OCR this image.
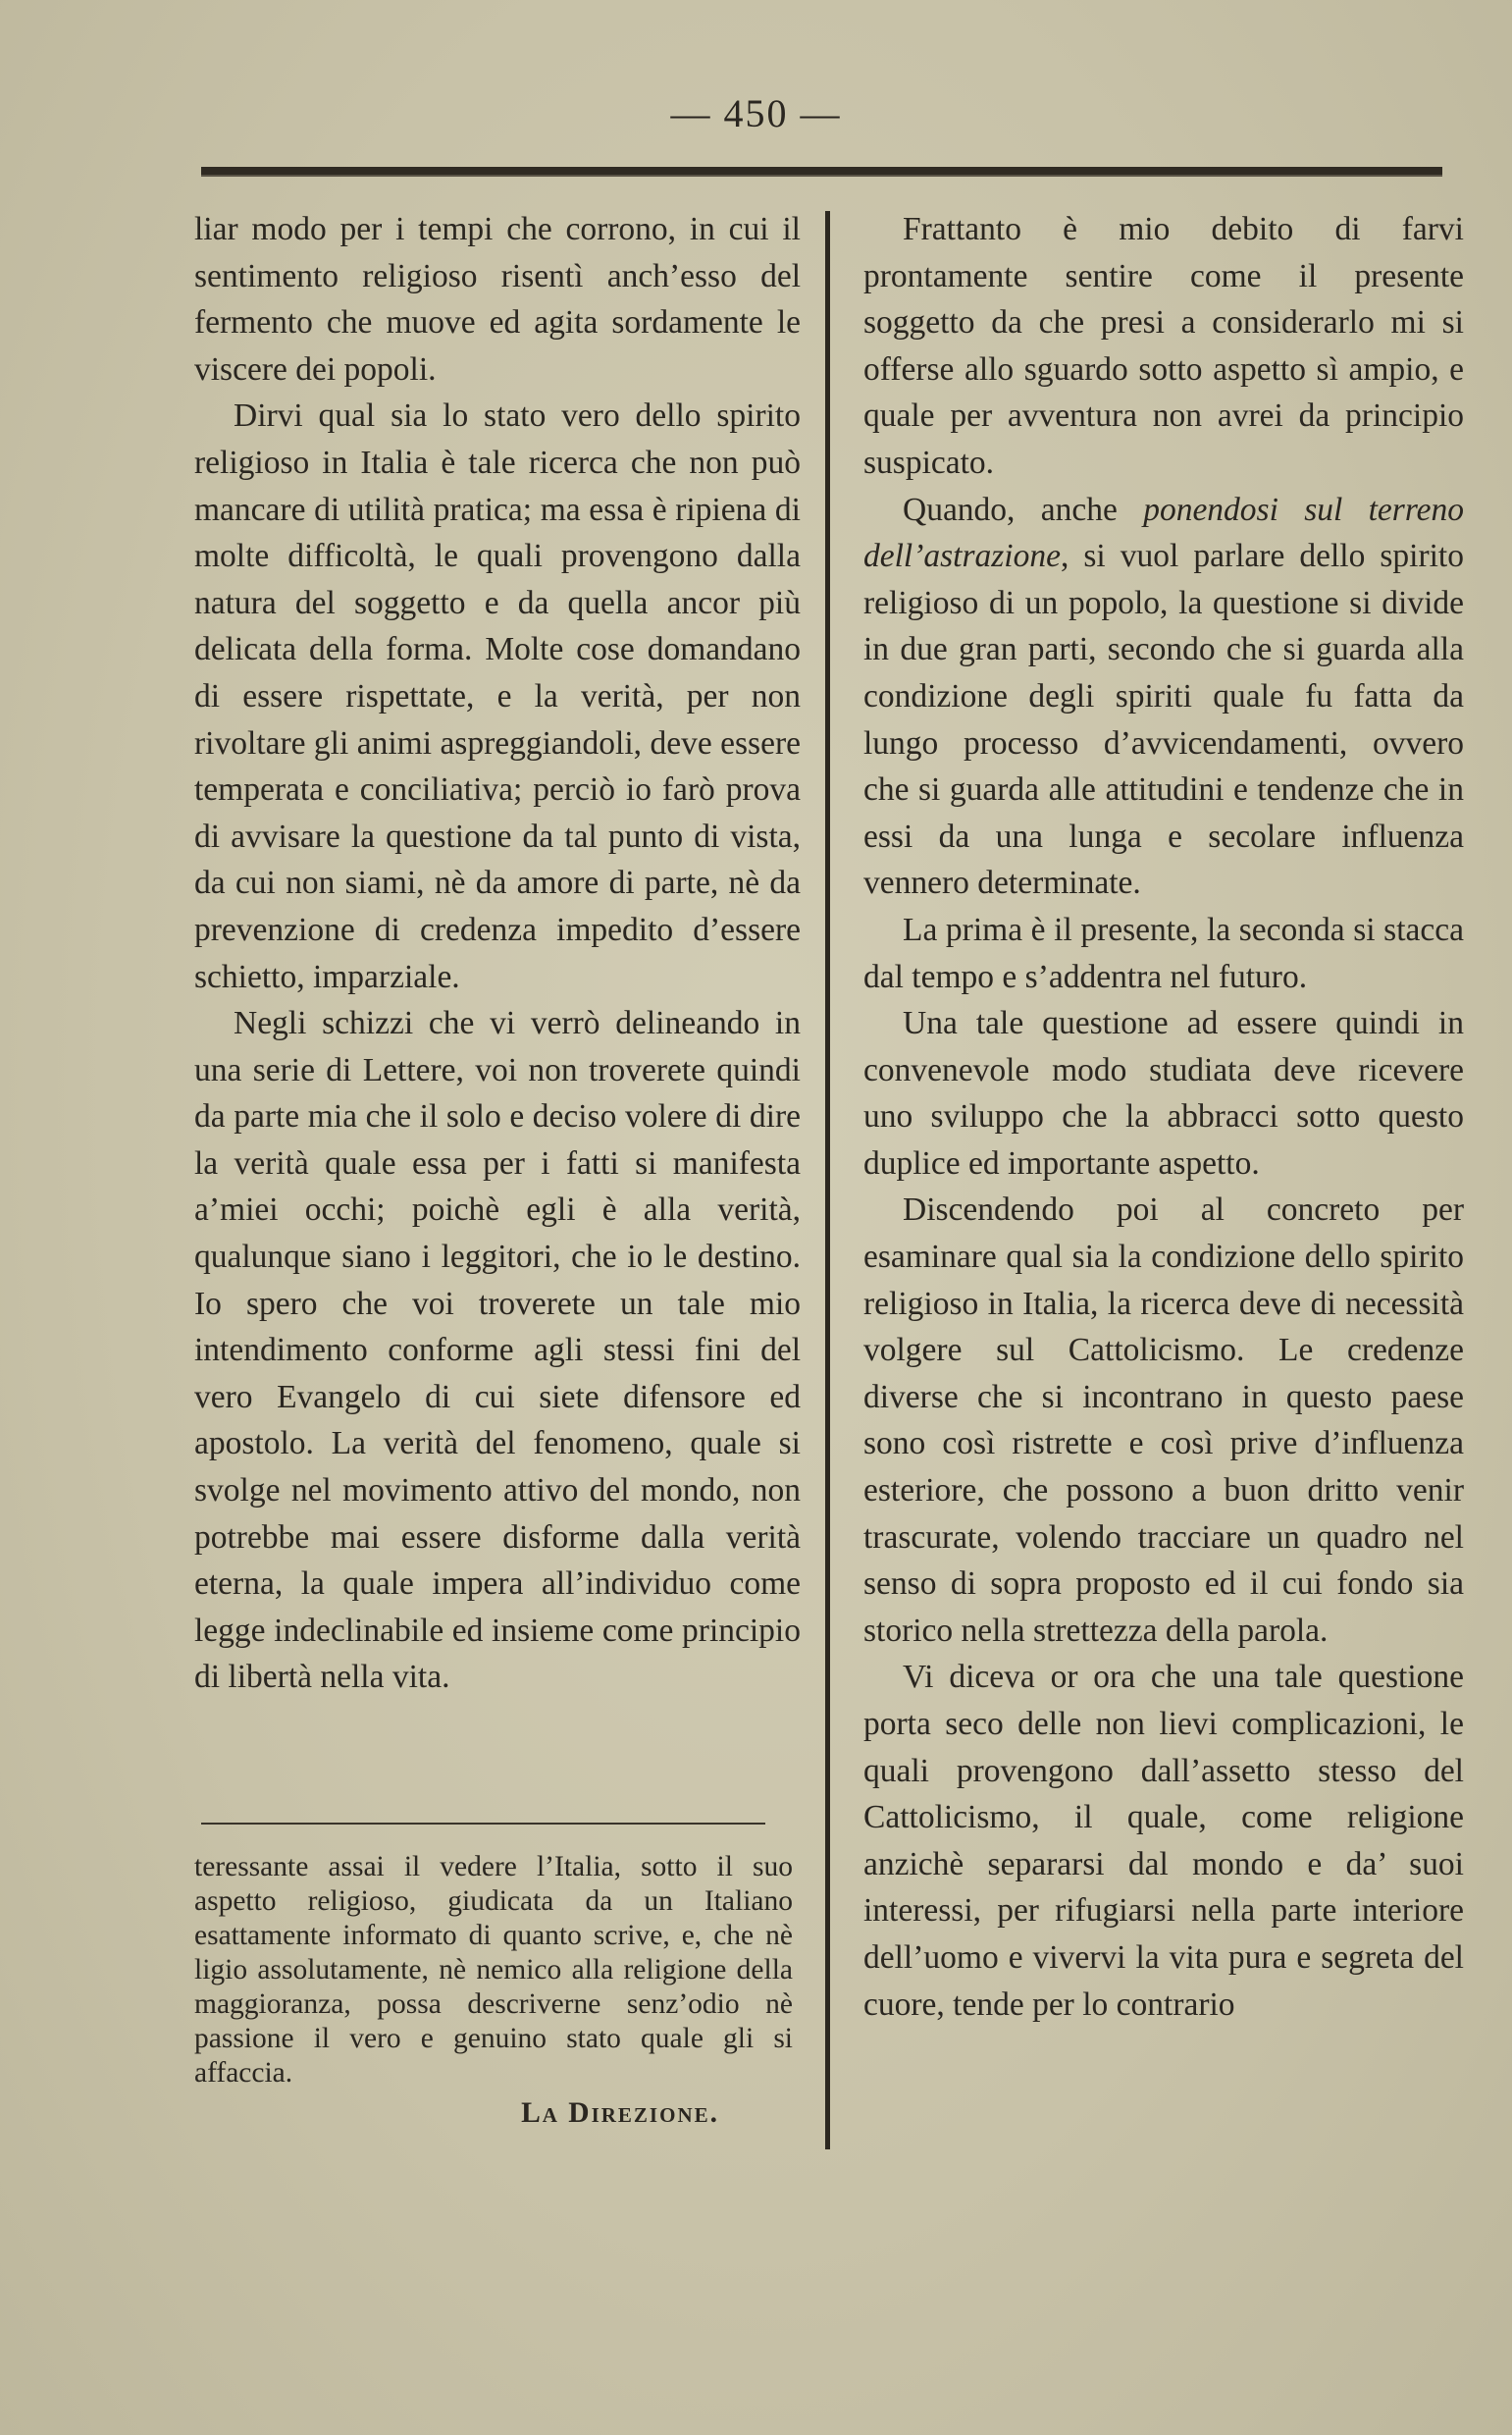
— 450 —

liar modo per i tempi che corrono, in cui il sentimento religioso risentì anch’esso del fermento che muove ed agita sordamente le viscere dei popoli.

Dirvi qual sia lo stato vero dello spirito religioso in Italia è tale ricerca che non può mancare di utilità pratica; ma essa è ripiena di molte difficoltà, le quali provengono dalla natura del soggetto e da quella ancor più delicata della forma. Molte cose domandano di essere rispettate, e la verità, per non rivoltare gli animi aspreggiandoli, deve essere temperata e conciliativa; perciò io farò prova di avvisare la questione da tal punto di vista, da cui non siami, nè da amore di parte, nè da prevenzione di credenza impedito d’essere schietto, imparziale.

Negli schizzi che vi verrò delineando in una serie di Lettere, voi non troverete quindi da parte mia che il solo e deciso volere di dire la verità quale essa per i fatti si manifesta a’miei occhi; poichè egli è alla verità, qualunque siano i leggitori, che io le destino. Io spero che voi troverete un tale mio intendimento conforme agli stessi fini del vero Evangelo di cui siete difensore ed apostolo. La verità del fenomeno, quale si svolge nel movimento attivo del mondo, non potrebbe mai essere disforme dalla verità eterna, la quale impera all’individuo come legge indeclinabile ed insieme come principio di libertà nella vita.

teressante assai il vedere l’Italia, sotto il suo aspetto religioso, giudicata da un Italiano esattamente informato di quanto scrive, e, che nè ligio assolutamente, nè nemico alla religione della maggioranza, possa descriverne senz’odio nè passione il vero e genuino stato quale gli si affaccia.

La Direzione.

Frattanto è mio debito di farvi prontamente sentire come il presente soggetto da che presi a considerarlo mi si offerse allo sguardo sotto aspetto sì ampio, e quale per avventura non avrei da principio suspicato.

Quando, anche ponendosi sul terreno dell’astrazione, si vuol parlare dello spirito religioso di un popolo, la questione si divide in due gran parti, secondo che si guarda alla condizione degli spiriti quale fu fatta da lungo processo d’avvicendamenti, ovvero che si guarda alle attitudini e tendenze che in essi da una lunga e secolare influenza vennero determinate.

La prima è il presente, la seconda si stacca dal tempo e s’addentra nel futuro.

Una tale questione ad essere quindi in convenevole modo studiata deve ricevere uno sviluppo che la abbracci sotto questo duplice ed importante aspetto.

Discendendo poi al concreto per esaminare qual sia la condizione dello spirito religioso in Italia, la ricerca deve di necessità volgere sul Cattolicismo. Le credenze diverse che si incontrano in questo paese sono così ristrette e così prive d’influenza esteriore, che possono a buon dritto venir trascurate, volendo tracciare un quadro nel senso di sopra proposto ed il cui fondo sia storico nella strettezza della parola.

Vi diceva or ora che una tale questione porta seco delle non lievi complicazioni, le quali provengono dall’assetto stesso del Cattolicismo, il quale, come religione anzichè separarsi dal mondo e da’ suoi interessi, per rifugiarsi nella parte interiore dell’uomo e vivervi la vita pura e segreta del cuore, tende per lo contrario
